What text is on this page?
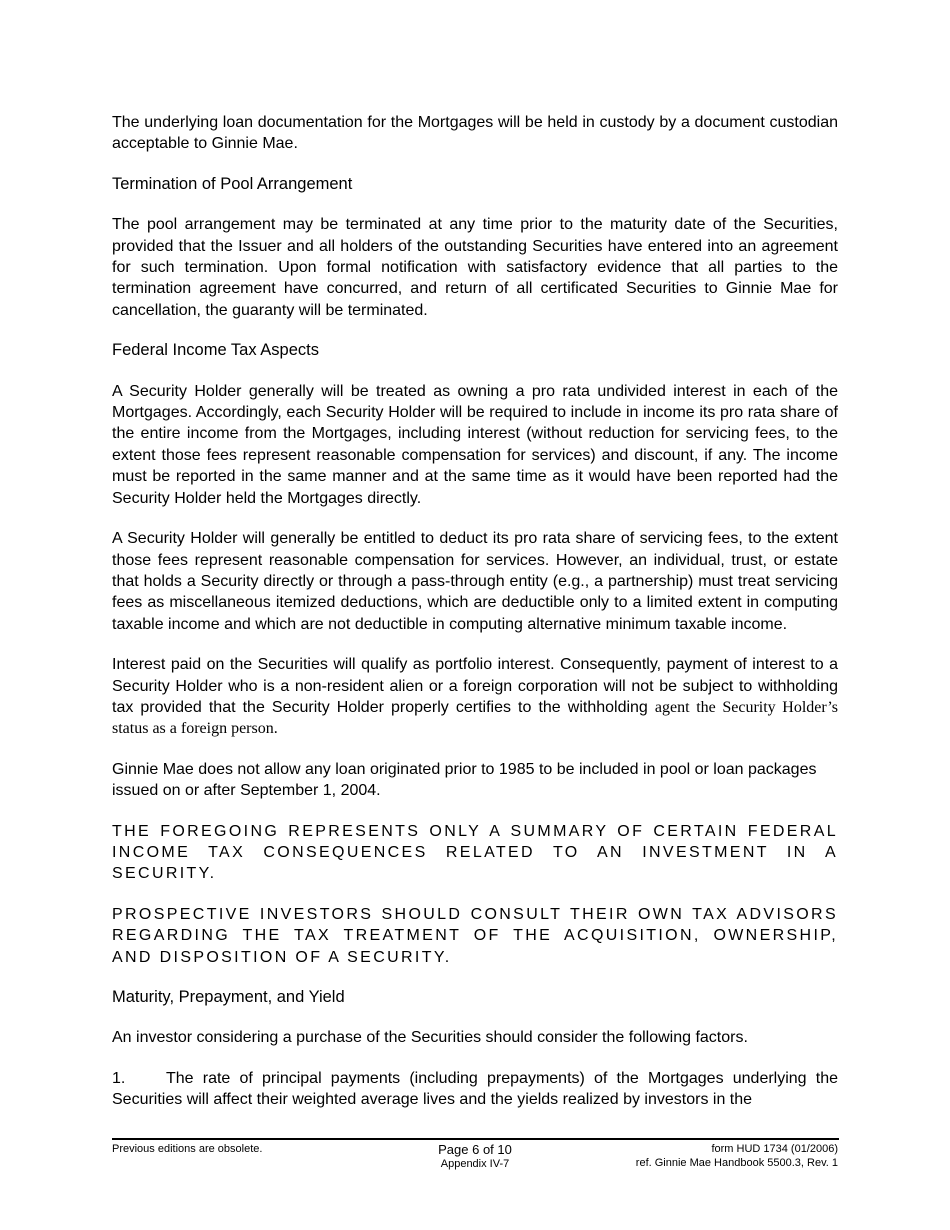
The underlying loan documentation for the Mortgages will be held in custody by a document custodian acceptable to Ginnie Mae.

Termination of Pool Arrangement

The pool arrangement may be terminated at any time prior to the maturity date of the Securities, provided that the Issuer and all holders of the outstanding Securities have entered into an agreement for such termination. Upon formal notification with satisfactory evidence that all parties to the termination agreement have concurred, and return of all certificated Securities to Ginnie Mae for cancellation, the guaranty will be terminated.

Federal Income Tax Aspects

A Security Holder generally will be treated as owning a pro rata undivided interest in each of the Mortgages. Accordingly, each Security Holder will be required to include in income its pro rata share of the entire income from the Mortgages, including interest (without reduction for servicing fees, to the extent those fees represent reasonable compensation for services) and discount, if any. The income must be reported in the same manner and at the same time as it would have been reported had the Security Holder held the Mortgages directly.

A Security Holder will generally be entitled to deduct its pro rata share of servicing fees, to the extent those fees represent reasonable compensation for services. However, an individual, trust, or estate that holds a Security directly or through a pass-through entity (e.g., a partnership) must treat servicing fees as miscellaneous itemized deductions, which are deductible only to a limited extent in computing taxable income and which are not deductible in computing alternative minimum taxable income.

Interest paid on the Securities will qualify as portfolio interest. Consequently, payment of interest to a Security Holder who is a non-resident alien or a foreign corporation will not be subject to withholding tax provided that the Security Holder properly certifies to the withholding agent the Security Holder’s status as a foreign person.

Ginnie Mae does not allow any loan originated prior to 1985 to be included in pool or loan packages issued on or after September 1, 2004.

THE FOREGOING REPRESENTS ONLY A SUMMARY OF CERTAIN FEDERAL INCOME TAX CONSEQUENCES RELATED TO AN INVESTMENT IN A SECURITY.

PROSPECTIVE INVESTORS SHOULD CONSULT THEIR OWN TAX ADVISORS REGARDING THE TAX TREATMENT OF THE ACQUISITION, OWNERSHIP, AND DISPOSITION OF A SECURITY.

Maturity, Prepayment, and Yield

An investor considering a purchase of the Securities should consider the following factors.

1.	The rate of principal payments (including prepayments) of the Mortgages underlying the Securities will affect their weighted average lives and the yields realized by investors in the

Previous editions are obsolete.	Page 6 of 10
Appendix IV-7
form HUD 1734 (01/2006)
ref. Ginnie Mae Handbook 5500.3, Rev. 1
